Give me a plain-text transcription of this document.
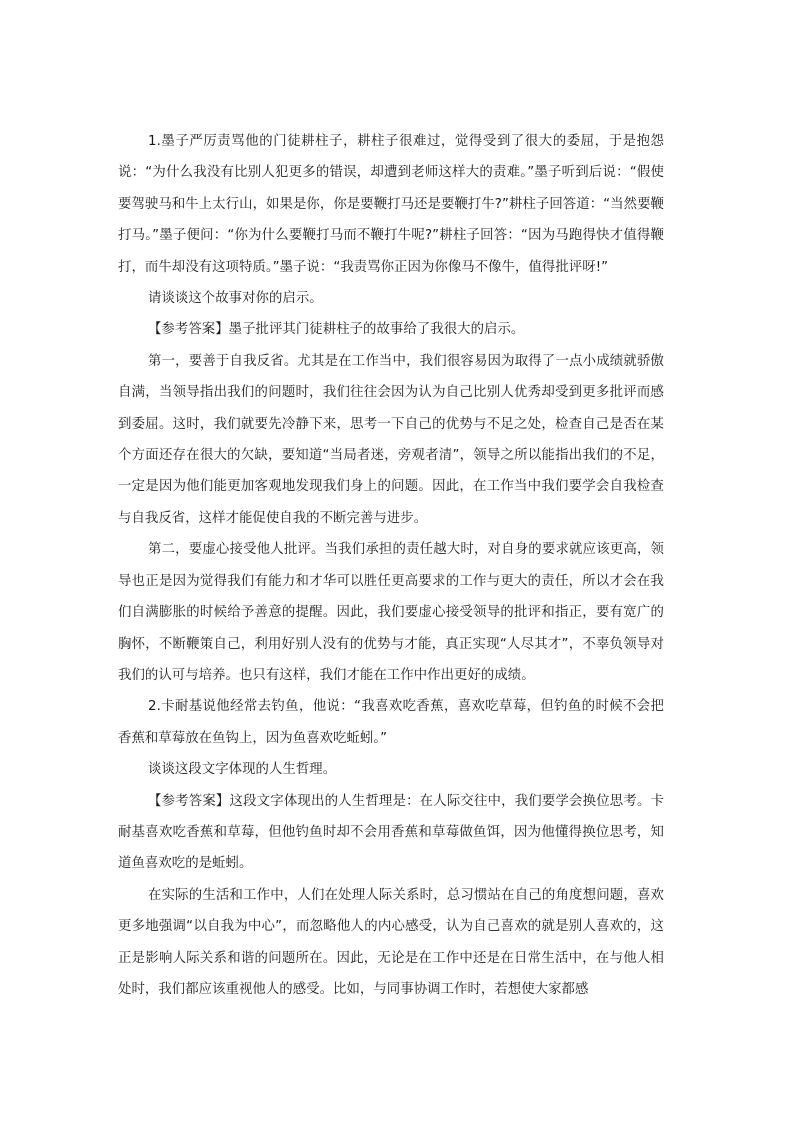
1.墨子严厉责骂他的门徒耕柱子，耕柱子很难过，觉得受到了很大的委屈，于是抱怨说：“为什么我没有比别人犯更多的错误，却遭到老师这样大的责难。”墨子听到后说：“假使要驾驶马和牛上太行山，如果是你，你是要鞭打马还是要鞭打牛?”耕柱子回答道：“当然要鞭打马。”墨子便问：“你为什么要鞭打马而不鞭打牛呢?”耕柱子回答：“因为马跑得快才值得鞭打，而牛却没有这项特质。”墨子说：“我责骂你正因为你像马不像牛，值得批评呀!”

请谈谈这个故事对你的启示。

【参考答案】墨子批评其门徒耕柱子的故事给了我很大的启示。

第一，要善于自我反省。尤其是在工作当中，我们很容易因为取得了一点小成绩就骄傲自满，当领导指出我们的问题时，我们往往会因为认为自己比别人优秀却受到更多批评而感到委屈。这时，我们就要先冷静下来，思考一下自己的优势与不足之处，检查自己是否在某个方面还存在很大的欠缺，要知道“当局者迷，旁观者清”，领导之所以能指出我们的不足，一定是因为他们能更加客观地发现我们身上的问题。因此，在工作当中我们要学会自我检查与自我反省，这样才能促使自我的不断完善与进步。

第二，要虚心接受他人批评。当我们承担的责任越大时，对自身的要求就应该更高，领导也正是因为觉得我们有能力和才华可以胜任更高要求的工作与更大的责任，所以才会在我们自满膨胀的时候给予善意的提醒。因此，我们要虚心接受领导的批评和指正，要有宽广的胸怀，不断鞭策自己，利用好别人没有的优势与才能，真正实现“人尽其才”，不辜负领导对我们的认可与培养。也只有这样，我们才能在工作中作出更好的成绩。

2.卡耐基说他经常去钓鱼，他说：“我喜欢吃香蕉，喜欢吃草莓，但钓鱼的时候不会把香蕉和草莓放在鱼钩上，因为鱼喜欢吃蚯蚓。”

谈谈这段文字体现的人生哲理。

【参考答案】这段文字体现出的人生哲理是：在人际交往中，我们要学会换位思考。卡耐基喜欢吃香蕉和草莓，但他钓鱼时却不会用香蕉和草莓做鱼饵，因为他懂得换位思考，知道鱼喜欢吃的是蚯蚓。

在实际的生活和工作中，人们在处理人际关系时，总习惯站在自己的角度想问题，喜欢更多地强调“以自我为中心”，而忽略他人的内心感受，认为自己喜欢的就是别人喜欢的，这正是影响人际关系和谐的问题所在。因此，无论是在工作中还是在日常生活中，在与他人相处时，我们都应该重视他人的感受。比如，与同事协调工作时，若想使大家都感
